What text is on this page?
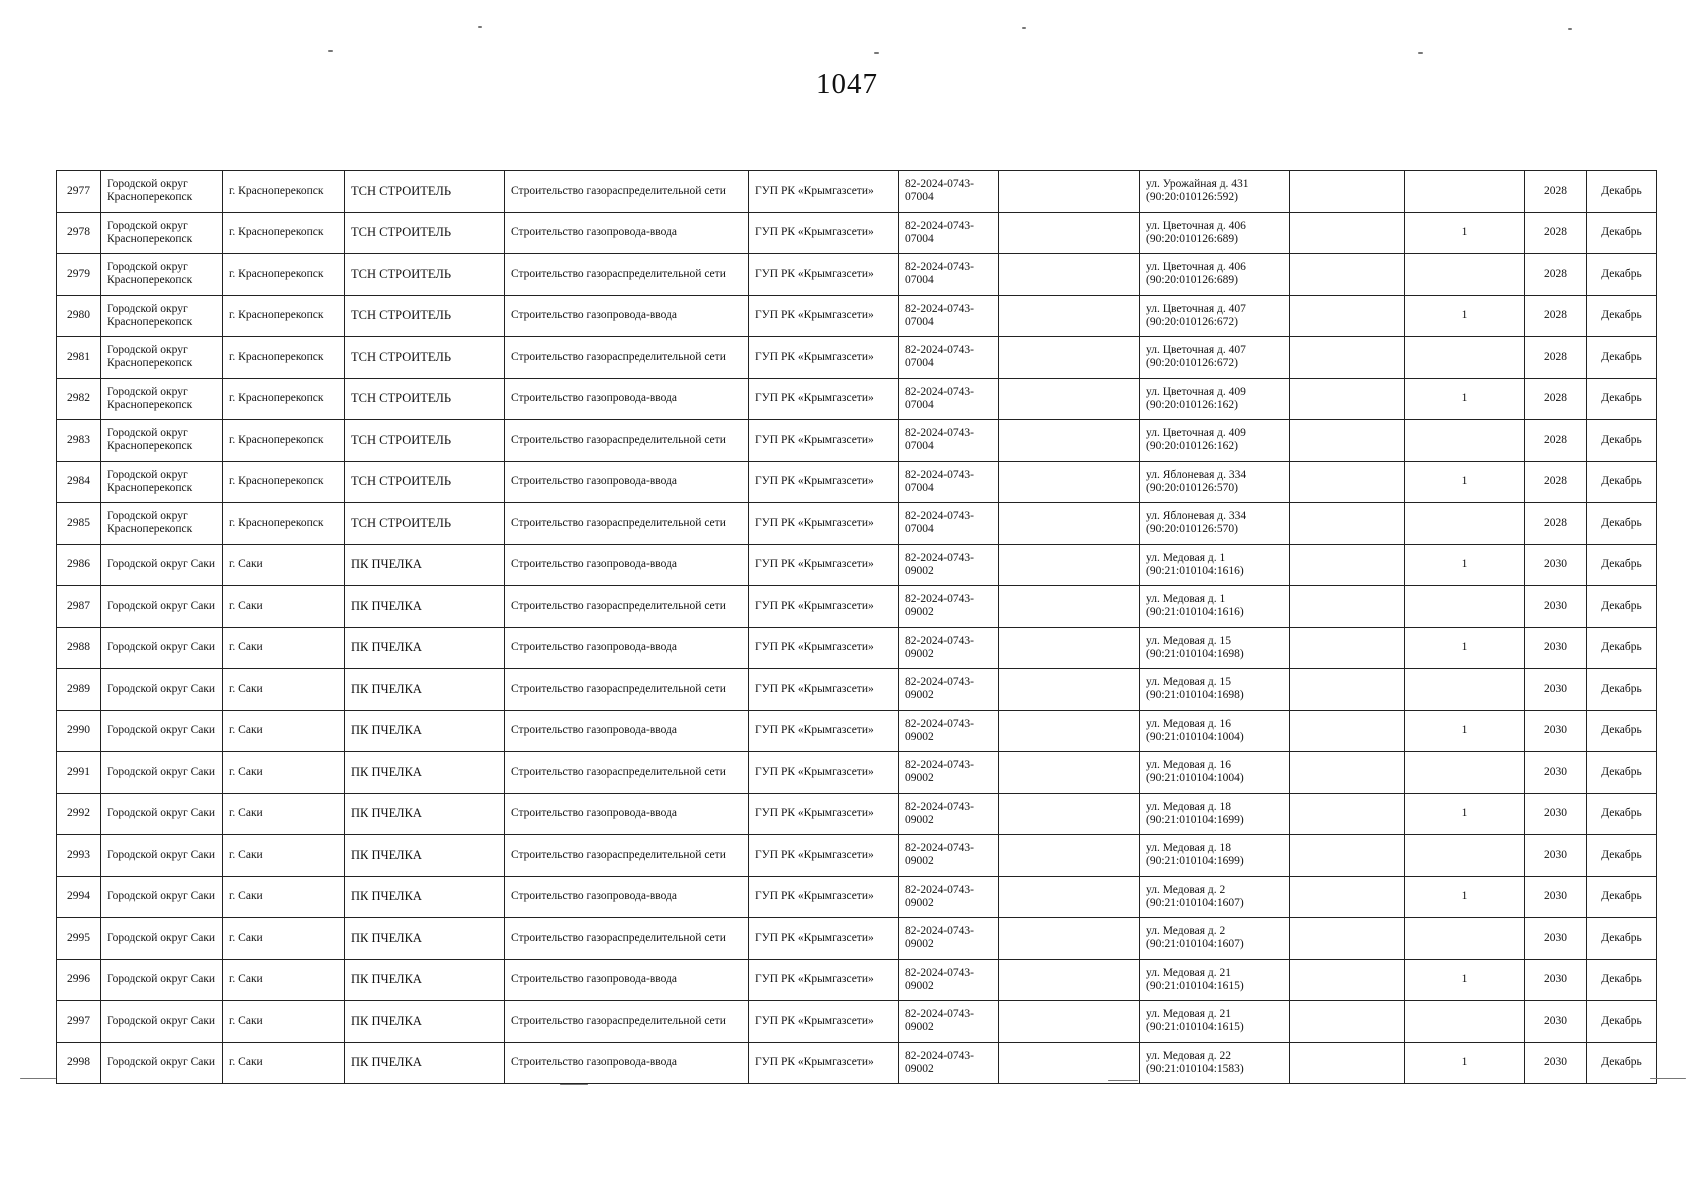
1047
2977	Городской округ Красноперекопск	г. Красноперекопск	ТСН СТРОИТЕЛЬ	Строительство газораспределительной сети	ГУП РК «Крымгазсети»	82-2024-0743-07004		ул. Урожайная д. 431 (90:20:010126:592)			2028	Декабрь
2978	Городской округ Красноперекопск	г. Красноперекопск	ТСН СТРОИТЕЛЬ	Строительство газопровода-ввода	ГУП РК «Крымгазсети»	82-2024-0743-07004		ул. Цветочная д. 406 (90:20:010126:689)		1	2028	Декабрь
2979	Городской округ Красноперекопск	г. Красноперекопск	ТСН СТРОИТЕЛЬ	Строительство газораспределительной сети	ГУП РК «Крымгазсети»	82-2024-0743-07004		ул. Цветочная д. 406 (90:20:010126:689)			2028	Декабрь
2980	Городской округ Красноперекопск	г. Красноперекопск	ТСН СТРОИТЕЛЬ	Строительство газопровода-ввода	ГУП РК «Крымгазсети»	82-2024-0743-07004		ул. Цветочная д. 407 (90:20:010126:672)		1	2028	Декабрь
2981	Городской округ Красноперекопск	г. Красноперекопск	ТСН СТРОИТЕЛЬ	Строительство газораспределительной сети	ГУП РК «Крымгазсети»	82-2024-0743-07004		ул. Цветочная д. 407 (90:20:010126:672)			2028	Декабрь
2982	Городской округ Красноперекопск	г. Красноперекопск	ТСН СТРОИТЕЛЬ	Строительство газопровода-ввода	ГУП РК «Крымгазсети»	82-2024-0743-07004		ул. Цветочная д. 409 (90:20:010126:162)		1	2028	Декабрь
2983	Городской округ Красноперекопск	г. Красноперекопск	ТСН СТРОИТЕЛЬ	Строительство газораспределительной сети	ГУП РК «Крымгазсети»	82-2024-0743-07004		ул. Цветочная д. 409 (90:20:010126:162)			2028	Декабрь
2984	Городской округ Красноперекопск	г. Красноперекопск	ТСН СТРОИТЕЛЬ	Строительство газопровода-ввода	ГУП РК «Крымгазсети»	82-2024-0743-07004		ул. Яблоневая д. 334 (90:20:010126:570)		1	2028	Декабрь
2985	Городской округ Красноперекопск	г. Красноперекопск	ТСН СТРОИТЕЛЬ	Строительство газораспределительной сети	ГУП РК «Крымгазсети»	82-2024-0743-07004		ул. Яблоневая д. 334 (90:20:010126:570)			2028	Декабрь
2986	Городской округ Саки	г. Саки	ПК ПЧЕЛКА	Строительство газопровода-ввода	ГУП РК «Крымгазсети»	82-2024-0743-09002		ул. Медовая д. 1 (90:21:010104:1616)		1	2030	Декабрь
2987	Городской округ Саки	г. Саки	ПК ПЧЕЛКА	Строительство газораспределительной сети	ГУП РК «Крымгазсети»	82-2024-0743-09002		ул. Медовая д. 1 (90:21:010104:1616)			2030	Декабрь
2988	Городской округ Саки	г. Саки	ПК ПЧЕЛКА	Строительство газопровода-ввода	ГУП РК «Крымгазсети»	82-2024-0743-09002		ул. Медовая д. 15 (90:21:010104:1698)		1	2030	Декабрь
2989	Городской округ Саки	г. Саки	ПК ПЧЕЛКА	Строительство газораспределительной сети	ГУП РК «Крымгазсети»	82-2024-0743-09002		ул. Медовая д. 15 (90:21:010104:1698)			2030	Декабрь
2990	Городской округ Саки	г. Саки	ПК ПЧЕЛКА	Строительство газопровода-ввода	ГУП РК «Крымгазсети»	82-2024-0743-09002		ул. Медовая д. 16 (90:21:010104:1004)		1	2030	Декабрь
2991	Городской округ Саки	г. Саки	ПК ПЧЕЛКА	Строительство газораспределительной сети	ГУП РК «Крымгазсети»	82-2024-0743-09002		ул. Медовая д. 16 (90:21:010104:1004)			2030	Декабрь
2992	Городской округ Саки	г. Саки	ПК ПЧЕЛКА	Строительство газопровода-ввода	ГУП РК «Крымгазсети»	82-2024-0743-09002		ул. Медовая д. 18 (90:21:010104:1699)		1	2030	Декабрь
2993	Городской округ Саки	г. Саки	ПК ПЧЕЛКА	Строительство газораспределительной сети	ГУП РК «Крымгазсети»	82-2024-0743-09002		ул. Медовая д. 18 (90:21:010104:1699)			2030	Декабрь
2994	Городской округ Саки	г. Саки	ПК ПЧЕЛКА	Строительство газопровода-ввода	ГУП РК «Крымгазсети»	82-2024-0743-09002		ул. Медовая д. 2 (90:21:010104:1607)		1	2030	Декабрь
2995	Городской округ Саки	г. Саки	ПК ПЧЕЛКА	Строительство газораспределительной сети	ГУП РК «Крымгазсети»	82-2024-0743-09002		ул. Медовая д. 2 (90:21:010104:1607)			2030	Декабрь
2996	Городской округ Саки	г. Саки	ПК ПЧЕЛКА	Строительство газопровода-ввода	ГУП РК «Крымгазсети»	82-2024-0743-09002		ул. Медовая д. 21 (90:21:010104:1615)		1	2030	Декабрь
2997	Городской округ Саки	г. Саки	ПК ПЧЕЛКА	Строительство газораспределительной сети	ГУП РК «Крымгазсети»	82-2024-0743-09002		ул. Медовая д. 21 (90:21:010104:1615)			2030	Декабрь
2998	Городской округ Саки	г. Саки	ПК ПЧЕЛКА	Строительство газопровода-ввода	ГУП РК «Крымгазсети»	82-2024-0743-09002		ул. Медовая д. 22 (90:21:010104:1583)		1	2030	Декабрь
